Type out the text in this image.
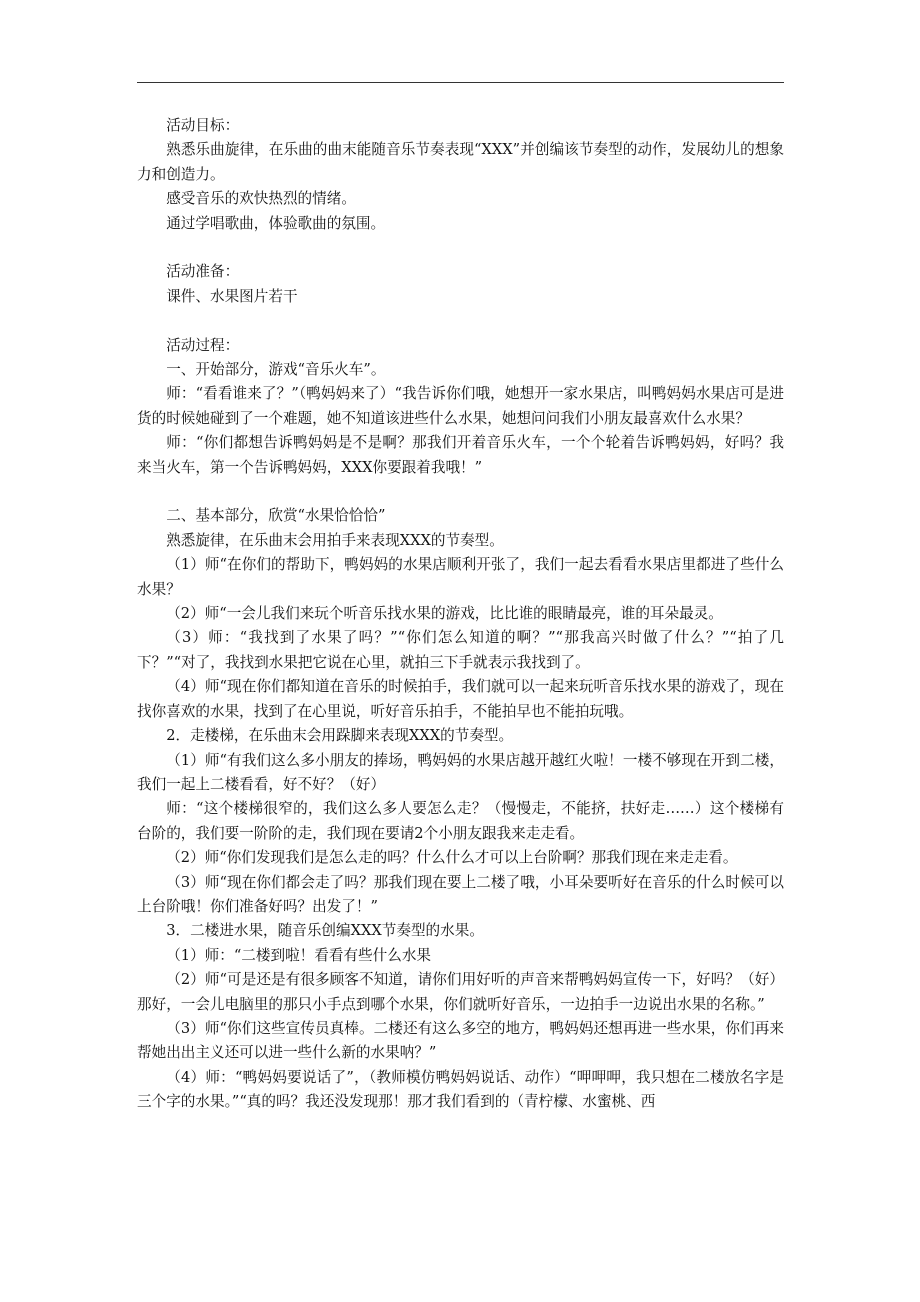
活动目标：

熟悉乐曲旋律，在乐曲的曲末能随音乐节奏表现“XXX”并创编该节奏型的动作，发展幼儿的想象力和创造力。

感受音乐的欢快热烈的情绪。

通过学唱歌曲，体验歌曲的氛围。

活动准备：

课件、水果图片若干

活动过程：

一、开始部分，游戏“音乐火车”。

师：“看看谁来了？”（鸭妈妈来了）“我告诉你们哦，她想开一家水果店，叫鸭妈妈水果店可是进货的时候她碰到了一个难题，她不知道该进些什么水果，她想问问我们小朋友最喜欢什么水果？

师：“你们都想告诉鸭妈妈是不是啊？那我们开着音乐火车，一个个轮着告诉鸭妈妈，好吗？我来当火车，第一个告诉鸭妈妈，XXX你要跟着我哦！”

二、基本部分，欣赏“水果恰恰恰”

熟悉旋律，在乐曲末会用拍手来表现XXX的节奏型。

（1）师“在你们的帮助下，鸭妈妈的水果店顺利开张了，我们一起去看看水果店里都进了些什么水果？

（2）师“一会儿我们来玩个听音乐找水果的游戏，比比谁的眼睛最亮，谁的耳朵最灵。

（3）师：“我找到了水果了吗？”“你们怎么知道的啊？”“那我高兴时做了什么？”“拍了几下？”“对了，我找到水果把它说在心里，就拍三下手就表示我找到了。

（4）师“现在你们都知道在音乐的时候拍手，我们就可以一起来玩听音乐找水果的游戏了，现在找你喜欢的水果，找到了在心里说，听好音乐拍手，不能拍早也不能拍玩哦。

2．走楼梯，在乐曲末会用跺脚来表现XXX的节奏型。

（1）师“有我们这么多小朋友的捧场，鸭妈妈的水果店越开越红火啦！一楼不够现在开到二楼，我们一起上二楼看看，好不好？（好）

师：“这个楼梯很窄的，我们这么多人要怎么走？（慢慢走，不能挤，扶好走……）这个楼梯有台阶的，我们要一阶阶的走，我们现在要请2个小朋友跟我来走走看。

（2）师“你们发现我们是怎么走的吗？什么什么才可以上台阶啊？那我们现在来走走看。

（3）师“现在你们都会走了吗？那我们现在要上二楼了哦，小耳朵要听好在音乐的什么时候可以上台阶哦！你们准备好吗？出发了！”

3．二楼进水果，随音乐创编XXX节奏型的水果。

（1）师：“二楼到啦！看看有些什么水果

（2）师“可是还是有很多顾客不知道，请你们用好听的声音来帮鸭妈妈宣传一下，好吗？（好）那好，一会儿电脑里的那只小手点到哪个水果，你们就听好音乐，一边拍手一边说出水果的名称。”

（3）师“你们这些宣传员真棒。二楼还有这么多空的地方，鸭妈妈还想再进一些水果，你们再来帮她出出主义还可以进一些什么新的水果呐？”

（4）师：“鸭妈妈要说话了”，（教师模仿鸭妈妈说话、动作）“呷呷呷，我只想在二楼放名字是三个字的水果。”“真的吗？我还没发现那！那才我们看到的（青柠檬、水蜜桃、西
